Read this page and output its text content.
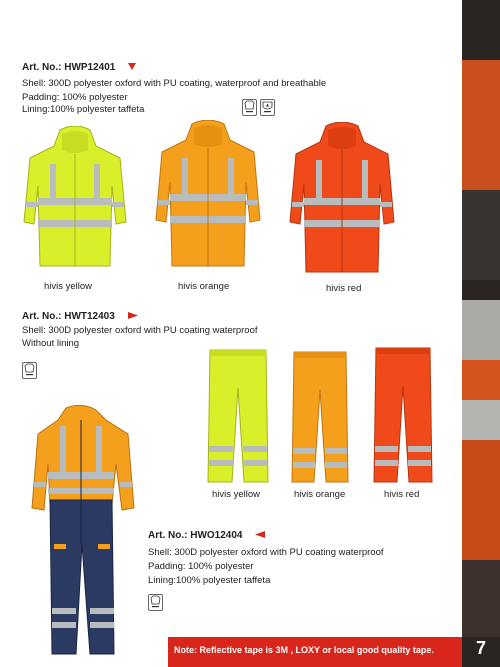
Art. No.: HWP12401
Shell: 300D polyester oxford with PU coating, waterproof and breathable
Padding: 100% polyester
Lining:100% polyester taffeta
hivis yellow	hivis orange	hivis red
Art. No.: HWT12403
Shell: 300D polyester oxford with PU coating waterproof
Without lining
hivis yellow	hivis orange	hivis red
Art. No.: HWO12404
Shell: 300D polyester oxford with PU coating waterproof
Padding: 100% polyester
Lining:100% polyester taffeta
Note: Reflective tape is 3M , LOXY or local good quality tape.	7
